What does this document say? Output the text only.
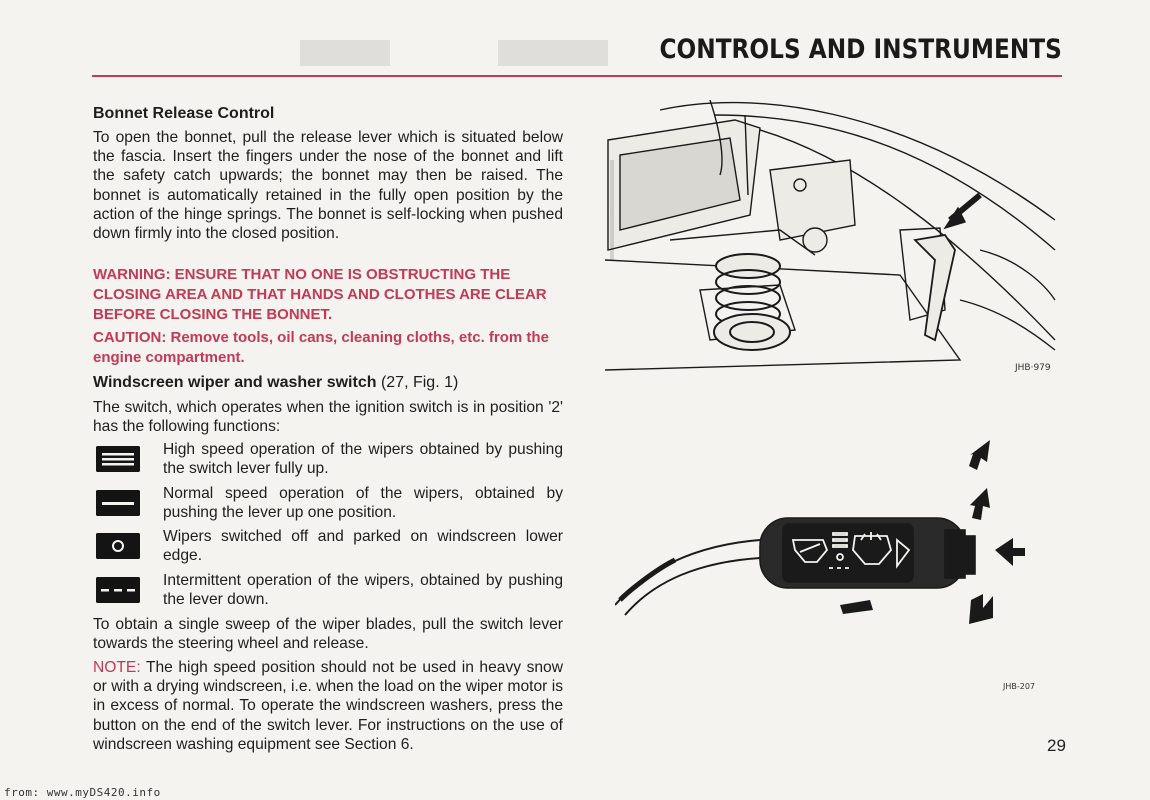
CONTROLS AND INSTRUMENTS
Bonnet Release Control
To open the bonnet, pull the release lever which is situated below the fascia. Insert the fingers under the nose of the bonnet and lift the safety catch upwards; the bonnet may then be raised. The bonnet is automatically retained in the fully open position by the action of the hinge springs. The bonnet is self-locking when pushed down firmly into the closed position.
WARNING: ENSURE THAT NO ONE IS OBSTRUCTING THE CLOSING AREA AND THAT HANDS AND CLOTHES ARE CLEAR BEFORE CLOSING THE BONNET.
CAUTION: Remove tools, oil cans, cleaning cloths, etc. from the engine compartment.
Windscreen wiper and washer switch (27, Fig. 1)
The switch, which operates when the ignition switch is in position '2' has the following functions:
High speed operation of the wipers obtained by pushing the switch lever fully up.
Normal speed operation of the wipers, obtained by pushing the lever up one position.
Wipers switched off and parked on windscreen lower edge.
Intermittent operation of the wipers, obtained by pushing the lever down.
To obtain a single sweep of the wiper blades, pull the switch lever towards the steering wheel and release.
NOTE: The high speed position should not be used in heavy snow or with a drying windscreen, i.e. when the load on the wiper motor is in excess of normal. To operate the windscreen washers, press the button on the end of the switch lever. For instructions on the use of windscreen washing equipment see Section 6.
JHB·979
JHB-207
29
from: www.myDS420.info
